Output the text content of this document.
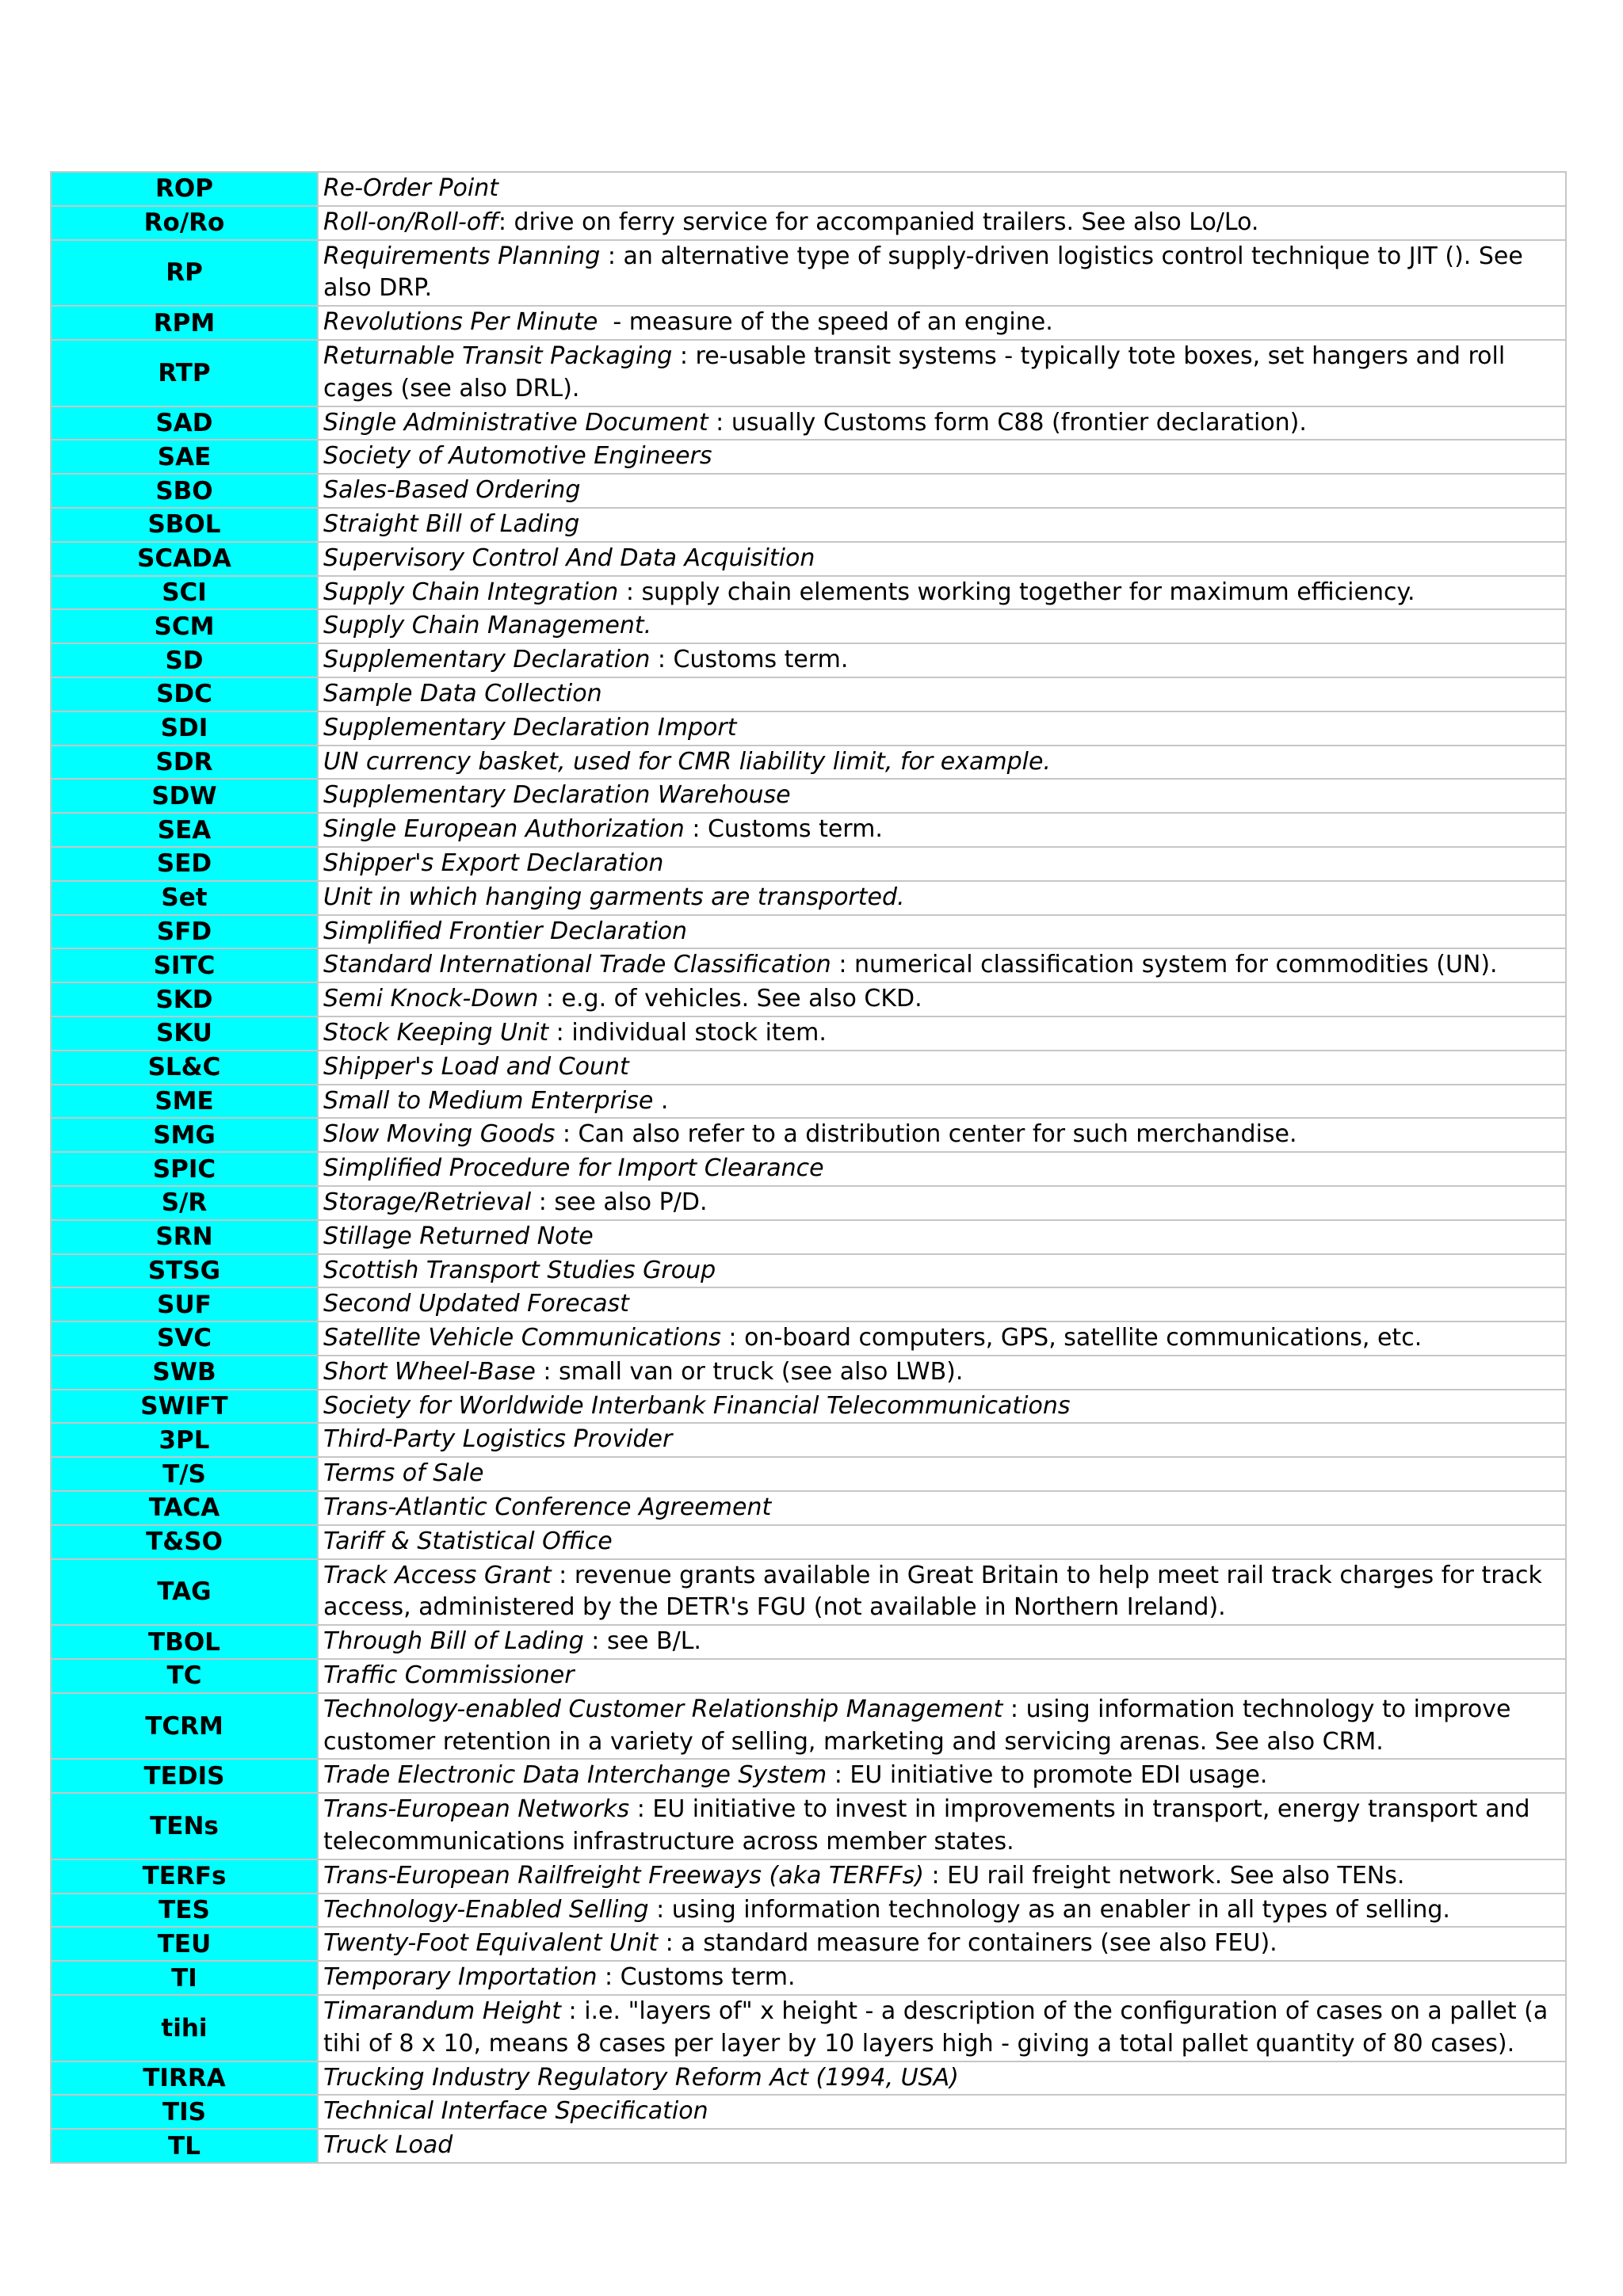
ROP	Re-Order Point
Ro/Ro	Roll-on/Roll-off: drive on ferry service for accompanied trailers. See also Lo/Lo.
RP	Requirements Planning : an alternative type of supply-driven logistics control technique to JIT (). See also DRP.
RPM	Revolutions Per Minute  - measure of the speed of an engine.
RTP	Returnable Transit Packaging : re-usable transit systems - typically tote boxes, set hangers and roll cages (see also DRL).
SAD	Single Administrative Document : usually Customs form C88 (frontier declaration).
SAE	Society of Automotive Engineers
SBO	Sales-Based Ordering
SBOL	Straight Bill of Lading
SCADA	Supervisory Control And Data Acquisition
SCI	Supply Chain Integration : supply chain elements working together for maximum efficiency.
SCM	Supply Chain Management.
SD	Supplementary Declaration : Customs term.
SDC	Sample Data Collection
SDI	Supplementary Declaration Import
SDR	UN currency basket, used for CMR liability limit, for example.
SDW	Supplementary Declaration Warehouse
SEA	Single European Authorization : Customs term.
SED	Shipper's Export Declaration
Set	Unit in which hanging garments are transported.
SFD	Simplified Frontier Declaration
SITC	Standard International Trade Classification : numerical classification system for commodities (UN).
SKD	Semi Knock-Down : e.g. of vehicles. See also CKD.
SKU	Stock Keeping Unit : individual stock item.
SL&C	Shipper's Load and Count
SME	Small to Medium Enterprise .
SMG	Slow Moving Goods : Can also refer to a distribution center for such merchandise.
SPIC	Simplified Procedure for Import Clearance
S/R	Storage/Retrieval : see also P/D.
SRN	Stillage Returned Note
STSG	Scottish Transport Studies Group
SUF	Second Updated Forecast
SVC	Satellite Vehicle Communications : on-board computers, GPS, satellite communications, etc.
SWB	Short Wheel-Base : small van or truck (see also LWB).
SWIFT	Society for Worldwide Interbank Financial Telecommunications
3PL	Third-Party Logistics Provider
T/S	Terms of Sale
TACA	Trans-Atlantic Conference Agreement
T&SO	Tariff & Statistical Office
TAG	Track Access Grant : revenue grants available in Great Britain to help meet rail track charges for track access, administered by the DETR's FGU (not available in Northern Ireland).
TBOL	Through Bill of Lading : see B/L.
TC	Traffic Commissioner
TCRM	Technology-enabled Customer Relationship Management : using information technology to improve customer retention in a variety of selling, marketing and servicing arenas. See also CRM.
TEDIS	Trade Electronic Data Interchange System : EU initiative to promote EDI usage.
TENs	Trans-European Networks : EU initiative to invest in improvements in transport, energy transport and telecommunications infrastructure across member states.
TERFs	Trans-European Railfreight Freeways (aka TERFFs) : EU rail freight network. See also TENs.
TES	Technology-Enabled Selling : using information technology as an enabler in all types of selling.
TEU	Twenty-Foot Equivalent Unit : a standard measure for containers (see also FEU).
TI	Temporary Importation : Customs term.
tihi	Timarandum Height : i.e. "layers of" x height - a description of the configuration of cases on a pallet (a tihi of 8 x 10, means 8 cases per layer by 10 layers high - giving a total pallet quantity of 80 cases).
TIRRA	Trucking Industry Regulatory Reform Act (1994, USA)
TIS	Technical Interface Specification
TL	Truck Load
